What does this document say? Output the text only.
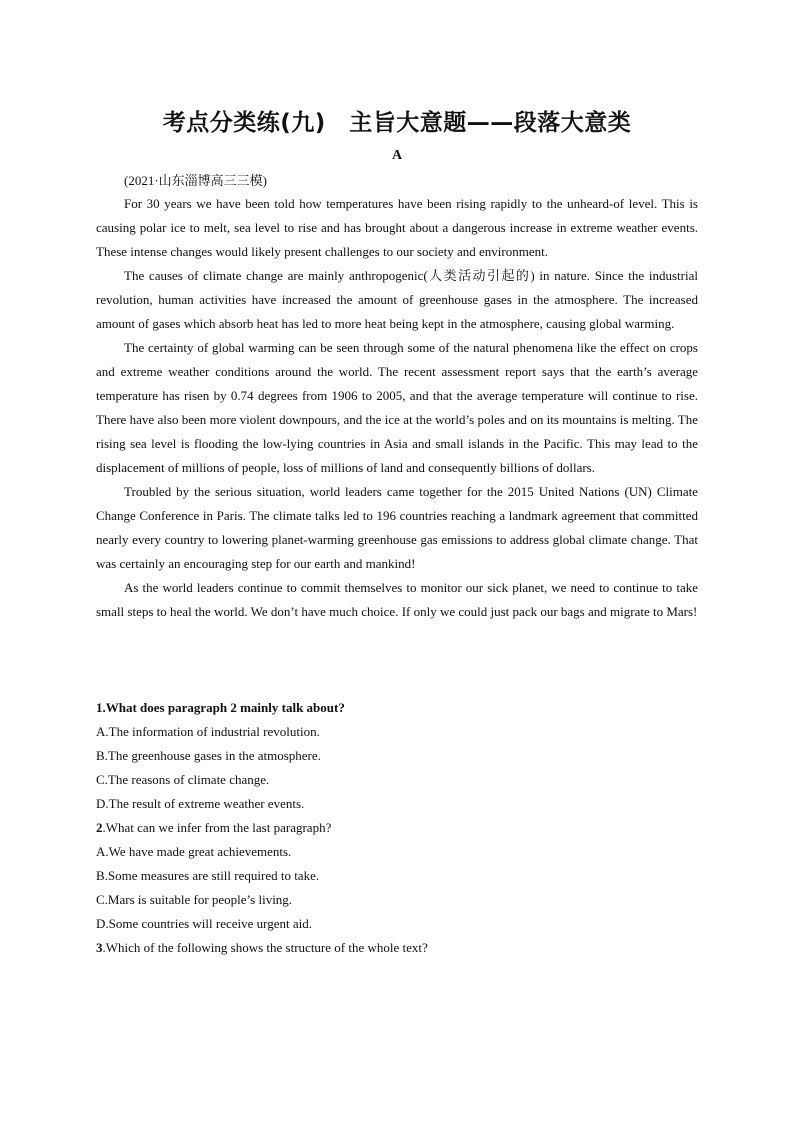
考点分类练(九)　主旨大意题——段落大意类
A
(2021·山东淄博高三三模)

For 30 years we have been told how temperatures have been rising rapidly to the unheard-of level. This is causing polar ice to melt, sea level to rise and has brought about a dangerous increase in extreme weather events. These intense changes would likely present challenges to our society and environment.

The causes of climate change are mainly anthropogenic(人类活动引起的) in nature. Since the industrial revolution, human activities have increased the amount of greenhouse gases in the atmosphere. The increased amount of gases which absorb heat has led to more heat being kept in the atmosphere, causing global warming.

The certainty of global warming can be seen through some of the natural phenomena like the effect on crops and extreme weather conditions around the world. The recent assessment report says that the earth’s average temperature has risen by 0.74 degrees from 1906 to 2005, and that the average temperature will continue to rise. There have also been more violent downpours, and the ice at the world’s poles and on its mountains is melting. The rising sea level is flooding the low-lying countries in Asia and small islands in the Pacific. This may lead to the displacement of millions of people, loss of millions of land and consequently billions of dollars.

Troubled by the serious situation, world leaders came together for the 2015 United Nations (UN) Climate Change Conference in Paris. The climate talks led to 196 countries reaching a landmark agreement that committed nearly every country to lowering planet-warming greenhouse gas emissions to address global climate change. That was certainly an encouraging step for our earth and mankind!

As the world leaders continue to commit themselves to monitor our sick planet, we need to continue to take small steps to heal the world. We don’t have much choice. If only we could just pack our bags and migrate to Mars!

1.What does paragraph 2 mainly talk about?
A.The information of industrial revolution.
B.The greenhouse gases in the atmosphere.
C.The reasons of climate change.
D.The result of extreme weather events.
2.What can we infer from the last paragraph?
A.We have made great achievements.
B.Some measures are still required to take.
C.Mars is suitable for people’s living.
D.Some countries will receive urgent aid.
3.Which of the following shows the structure of the whole text?
